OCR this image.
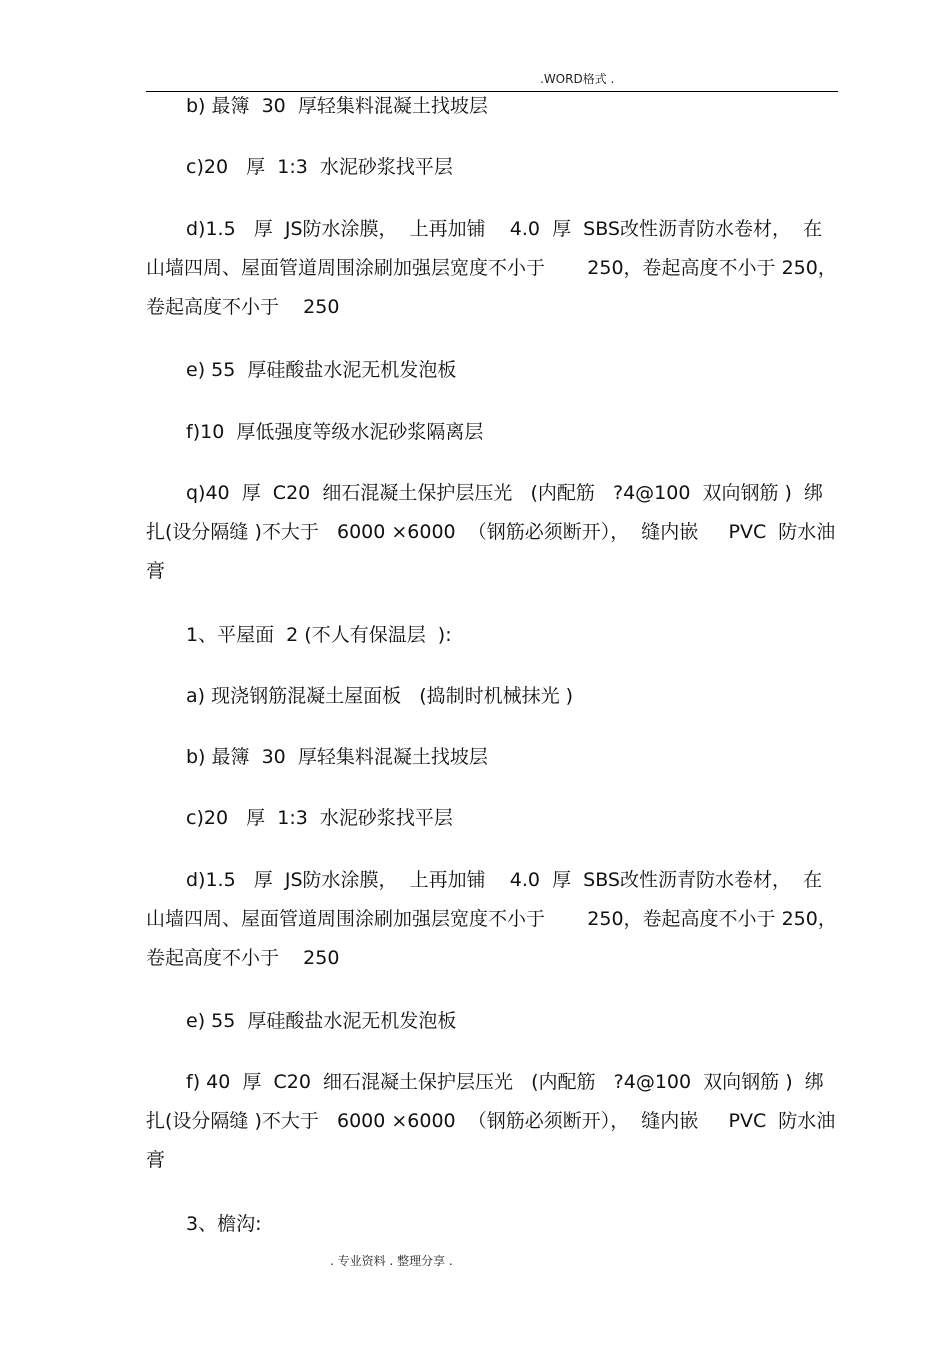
.WORD格式 .

b) 最簿  30  厚轻集料混凝土找坡层

c)20   厚  1:3  水泥砂浆找平层

d)1.5   厚  JS防水涂膜，  上再加铺    4.0  厚  SBS改性沥青防水卷材，  在山墙四周、屋面管道周围涂刷加强层宽度不小于       250，卷起高度不小于 250，卷起高度不小于    250

e) 55  厚硅酸盐水泥无机发泡板

f)10  厚低强度等级水泥砂浆隔离层

q)40  厚  C20  细石混凝土保护层压光   (内配筋   ?4@100  双向钢筋 )  绑扎(设分隔缝 )不大于   6000 ×6000  （钢筋必须断开），  缝内嵌     PVC  防水油膏

1、平屋面  2 (不人有保温层  ):

a) 现浇钢筋混凝土屋面板   (捣制时机械抹光 )

b) 最簿  30  厚轻集料混凝土找坡层

c)20   厚  1:3  水泥砂浆找平层

d)1.5   厚  JS防水涂膜，  上再加铺    4.0  厚  SBS改性沥青防水卷材，  在山墙四周、屋面管道周围涂刷加强层宽度不小于       250，卷起高度不小于 250，卷起高度不小于    250

e) 55  厚硅酸盐水泥无机发泡板

f) 40  厚  C20  细石混凝土保护层压光   (内配筋   ?4@100  双向钢筋 )  绑扎(设分隔缝 )不大于   6000 ×6000  （钢筋必须断开），  缝内嵌     PVC  防水油膏

3、檐沟:

. 专业资料 . 整理分享 .
